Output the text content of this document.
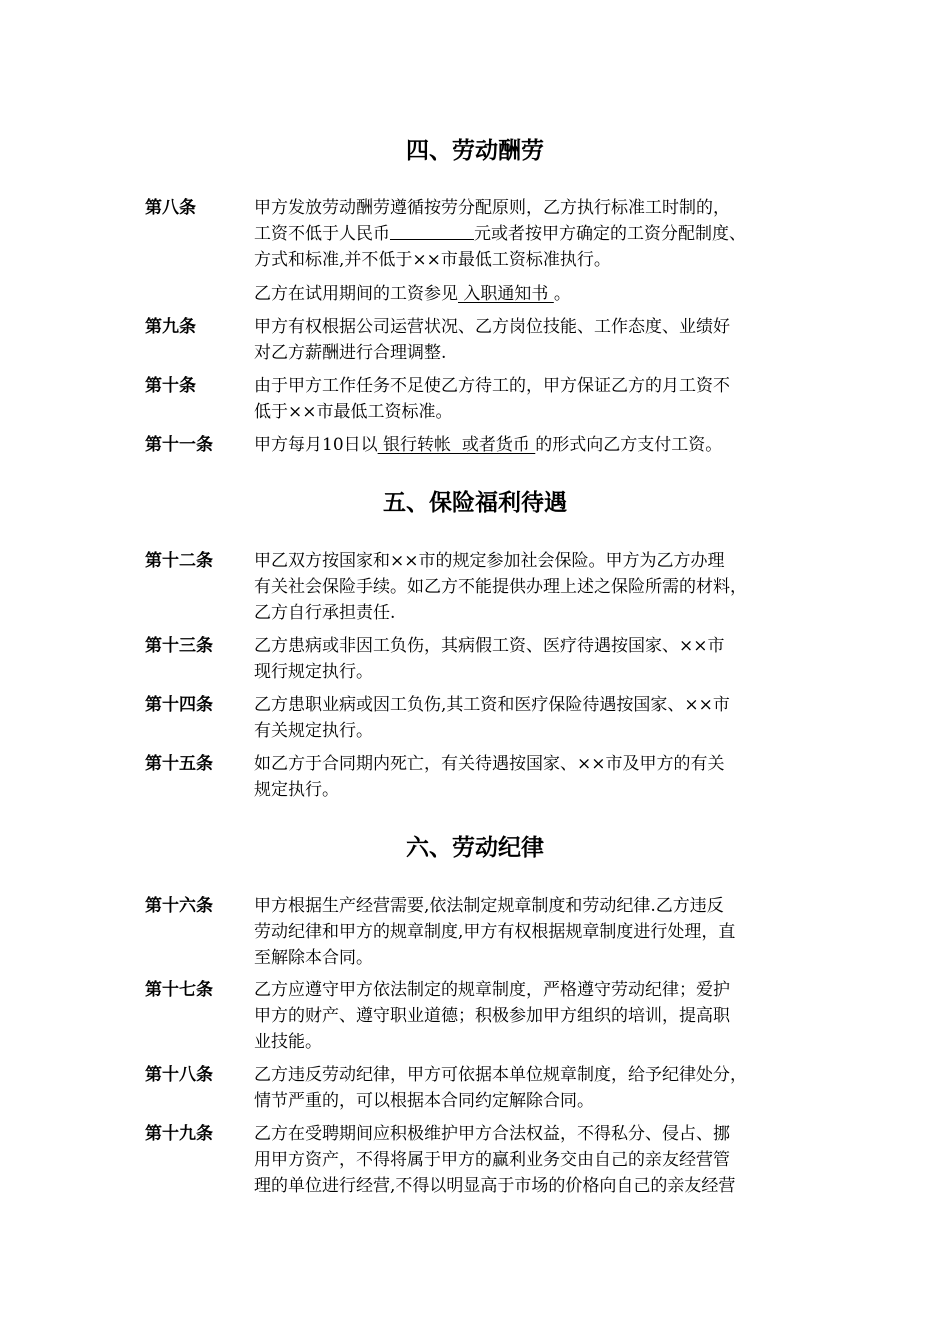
四、劳动酬劳
第八条	甲方发放劳动酬劳遵循按劳分配原则，乙方执行标准工时制的，
工资不低于人民币	元或者按甲方确定的工资分配制度、
方式和标准,并不低于××市最低工资标准执行。
乙方在试用期间的工资参见 入职通知书 。
第九条	甲方有权根据公司运营状况、乙方岗位技能、工作态度、业绩好
对乙方薪酬进行合理调整.
第十条	由于甲方工作任务不足使乙方待工的，甲方保证乙方的月工资不
低于××市最低工资标准。
第十一条	甲方每月10日以 银行转帐  或者货币 的形式向乙方支付工资。
五、保险福利待遇
第十二条	甲乙双方按国家和××市的规定参加社会保险。甲方为乙方办理
有关社会保险手续。如乙方不能提供办理上述之保险所需的材料，
乙方自行承担责任.
第十三条	乙方患病或非因工负伤，其病假工资、医疗待遇按国家、××市
现行规定执行。
第十四条	乙方患职业病或因工负伤,其工资和医疗保险待遇按国家、××市
有关规定执行。
第十五条	如乙方于合同期内死亡，有关待遇按国家、××市及甲方的有关
规定执行。
六、劳动纪律
第十六条	甲方根据生产经营需要,依法制定规章制度和劳动纪律.乙方违反
劳动纪律和甲方的规章制度,甲方有权根据规章制度进行处理，直
至解除本合同。
第十七条	乙方应遵守甲方依法制定的规章制度，严格遵守劳动纪律；爱护
甲方的财产、遵守职业道德；积极参加甲方组织的培训，提高职
业技能。
第十八条	乙方违反劳动纪律，甲方可依据本单位规章制度，给予纪律处分，
情节严重的，可以根据本合同约定解除合同。
第十九条	乙方在受聘期间应积极维护甲方合法权益，不得私分、侵占、挪
用甲方资产，不得将属于甲方的赢利业务交由自己的亲友经营管
理的单位进行经营,不得以明显高于市场的价格向自己的亲友经营
